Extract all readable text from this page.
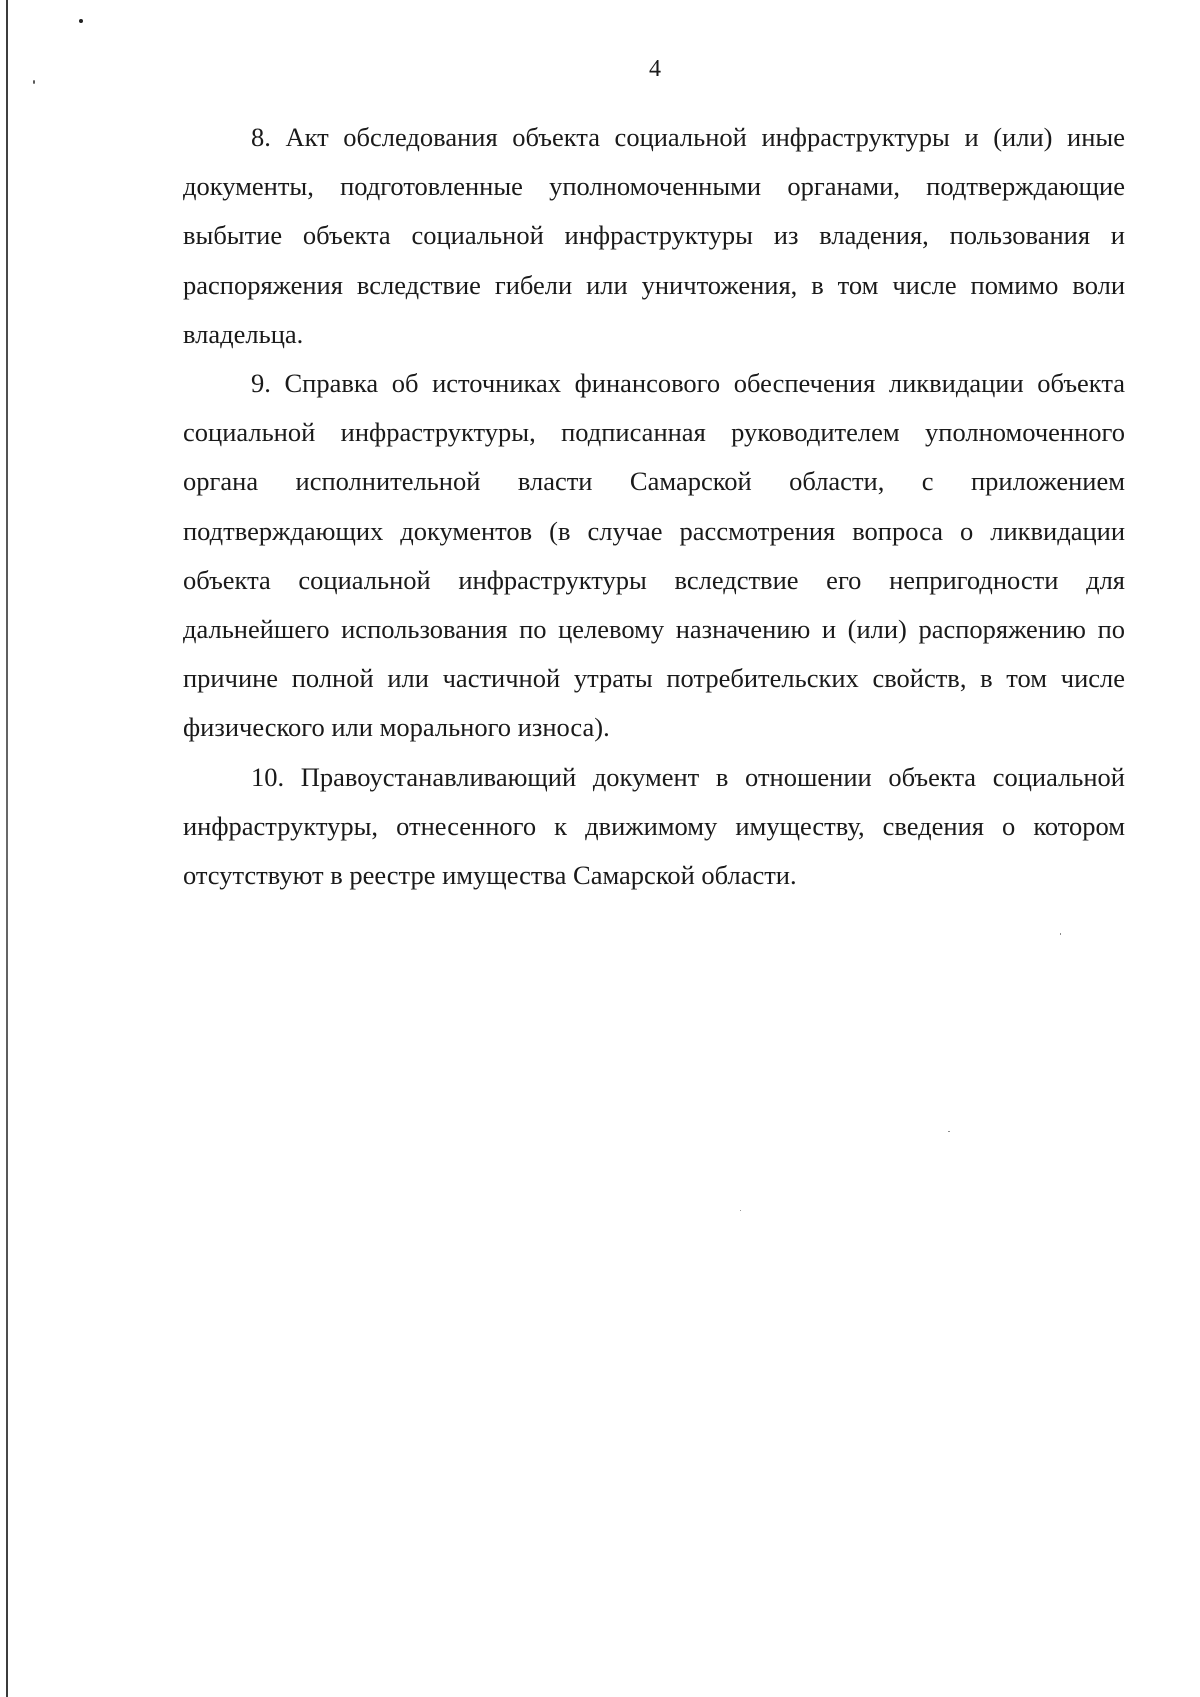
4

8. Акт обследования объекта социальной инфраструктуры и (или) иные документы, подготовленные уполномоченными органами, подтверждающие выбытие объекта социальной инфраструктуры из владения, пользования и распоряжения вследствие гибели или уничтожения, в том числе помимо воли владельца.

9. Справка об источниках финансового обеспечения ликвидации объекта социальной инфраструктуры, подписанная руководителем уполномоченного органа исполнительной власти Самарской области, с приложением подтверждающих документов (в случае рассмотрения вопроса о ликвидации объекта социальной инфраструктуры вследствие его непригодности для дальнейшего использования по целевому назначению и (или) распоряжению по причине полной или частичной утраты потребительских свойств, в том числе физического или морального износа).

10. Правоустанавливающий документ в отношении объекта социальной инфраструктуры, отнесенного к движимому имуществу, сведения о котором отсутствуют в реестре имущества Самарской области.
